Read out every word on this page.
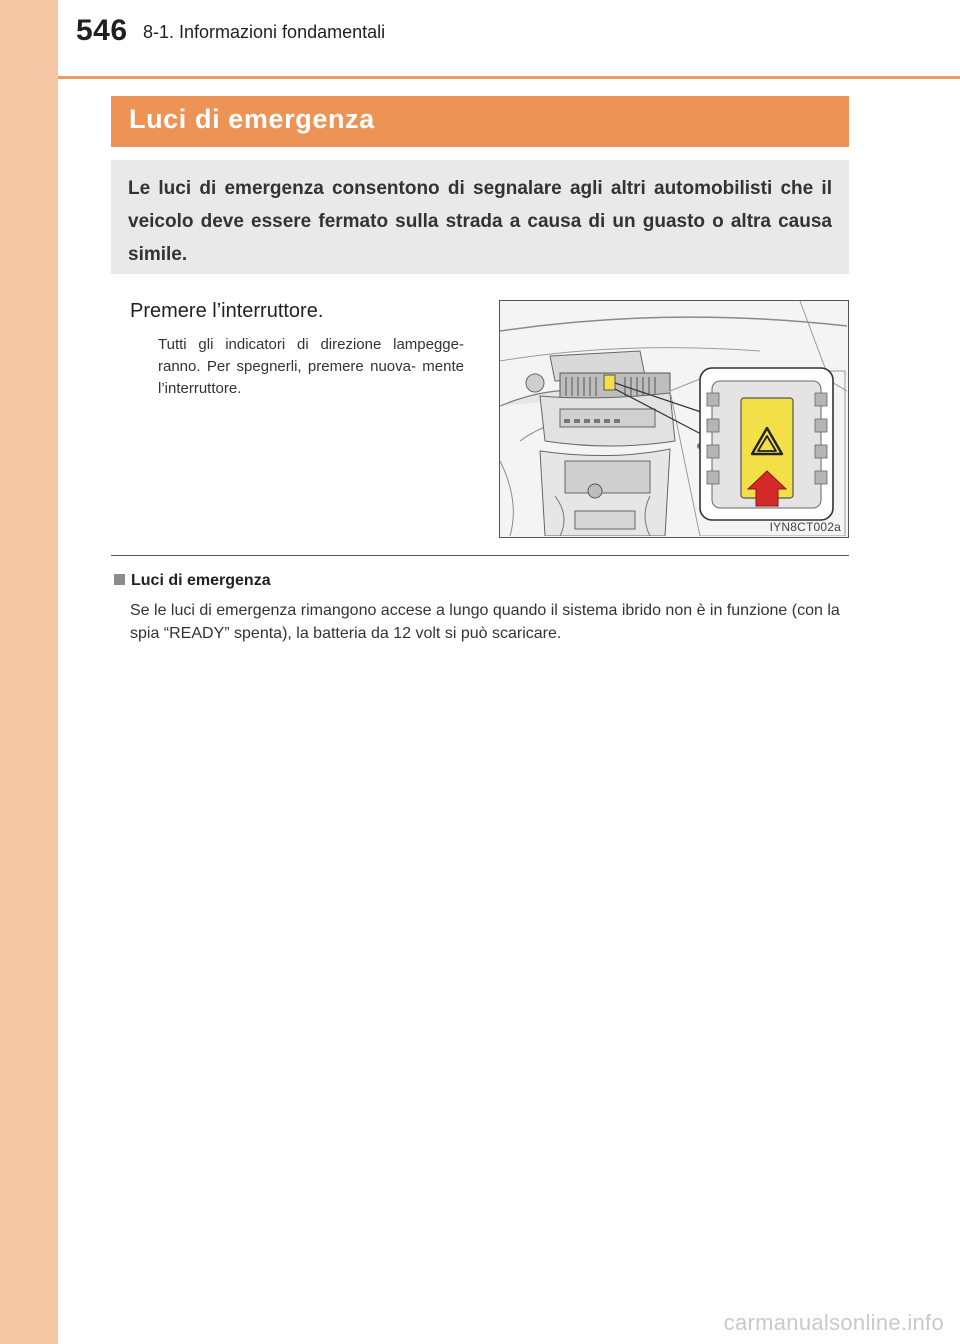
546 8-1. Informazioni fondamentali
Luci di emergenza

Le luci di emergenza consentono di segnalare agli altri automobilisti che il veicolo deve essere fermato sulla strada a causa di un guasto o altra causa simile.

Premere l’interruttore.
Tutti gli indicatori di direzione lampegge- ranno. Per spegnerli, premere nuova- mente l’interruttore.
IYN8CT002a
Luci di emergenza
Se le luci di emergenza rimangono accese a lungo quando il sistema ibrido non è in funzione (con la spia “READY” spenta), la batteria da 12 volt si può scaricare.
carmanualsonline.info
